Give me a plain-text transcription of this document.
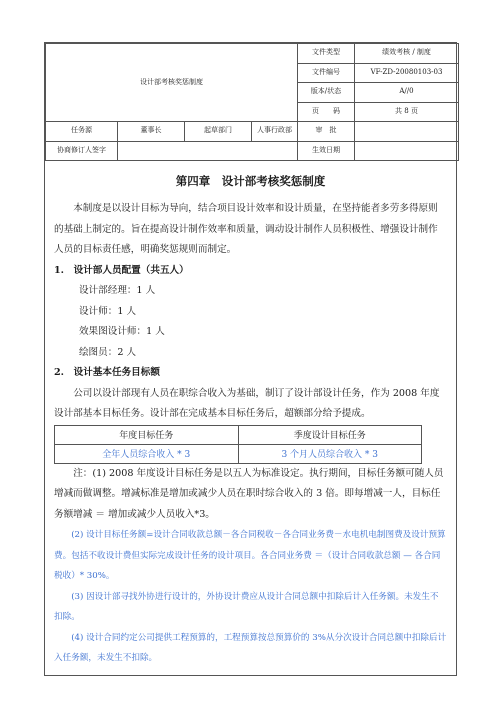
设计部考核奖惩制度				文件类型	绩效考核 / 制度
				文件编号	VF-ZD-20080103-03
				版本/状态	A//0
				页　　码	共 8 页
任务源	董事长	起草部门	人事行政部	审　批	
协商修订人签字				生效日期	
第四章　设计部考核奖惩制度

本制度是以设计目标为导向，结合项目设计效率和设计质量，在坚持能者多劳多得原则的基础上制定的。旨在提高设计制作效率和质量，调动设计制作人员积极性、增强设计制作人员的目标责任感，明确奖惩规则而制定。

1.　设计部人员配置（共五人）

设计部经理：1 人

设计师：1 人

效果图设计师：1 人

绘图员：2 人

2.　设计基本任务目标额

公司以设计部现有人员在职综合收入为基础，制订了设计部设计任务，作为 2008 年度设计部基本目标任务。设计部在完成基本目标任务后，超额部分给予提成。

年度目标任务	季度设计目标任务
全年人员综合收入 * 3	3 个月人员综合收入 * 3

注：(1) 2008 年度设计目标任务是以五人为标准设定。执行期间，目标任务额可随人员增减而做调整。增减标准是增加或减少人员在职时综合收入的 3 倍。即每增减一人，目标任务额增减 ＝ 增加或减少人员收入*3。

(2) 设计目标任务额=设计合同收款总额－各合同税收－各合同业务费－水电机电制图费及设计预算费。包括不收设计费但实际完成设计任务的设计项目。各合同业务费 ＝（设计合同收款总额 — 各合同税收）* 30%。

(3) 因设计部寻找外协进行设计的，外协设计费应从设计合同总额中扣除后计入任务额。未发生不扣除。

(4) 设计合同约定公司提供工程预算的，工程预算按总预算价的 3%从分次设计合同总额中扣除后计入任务额，未发生不扣除。
